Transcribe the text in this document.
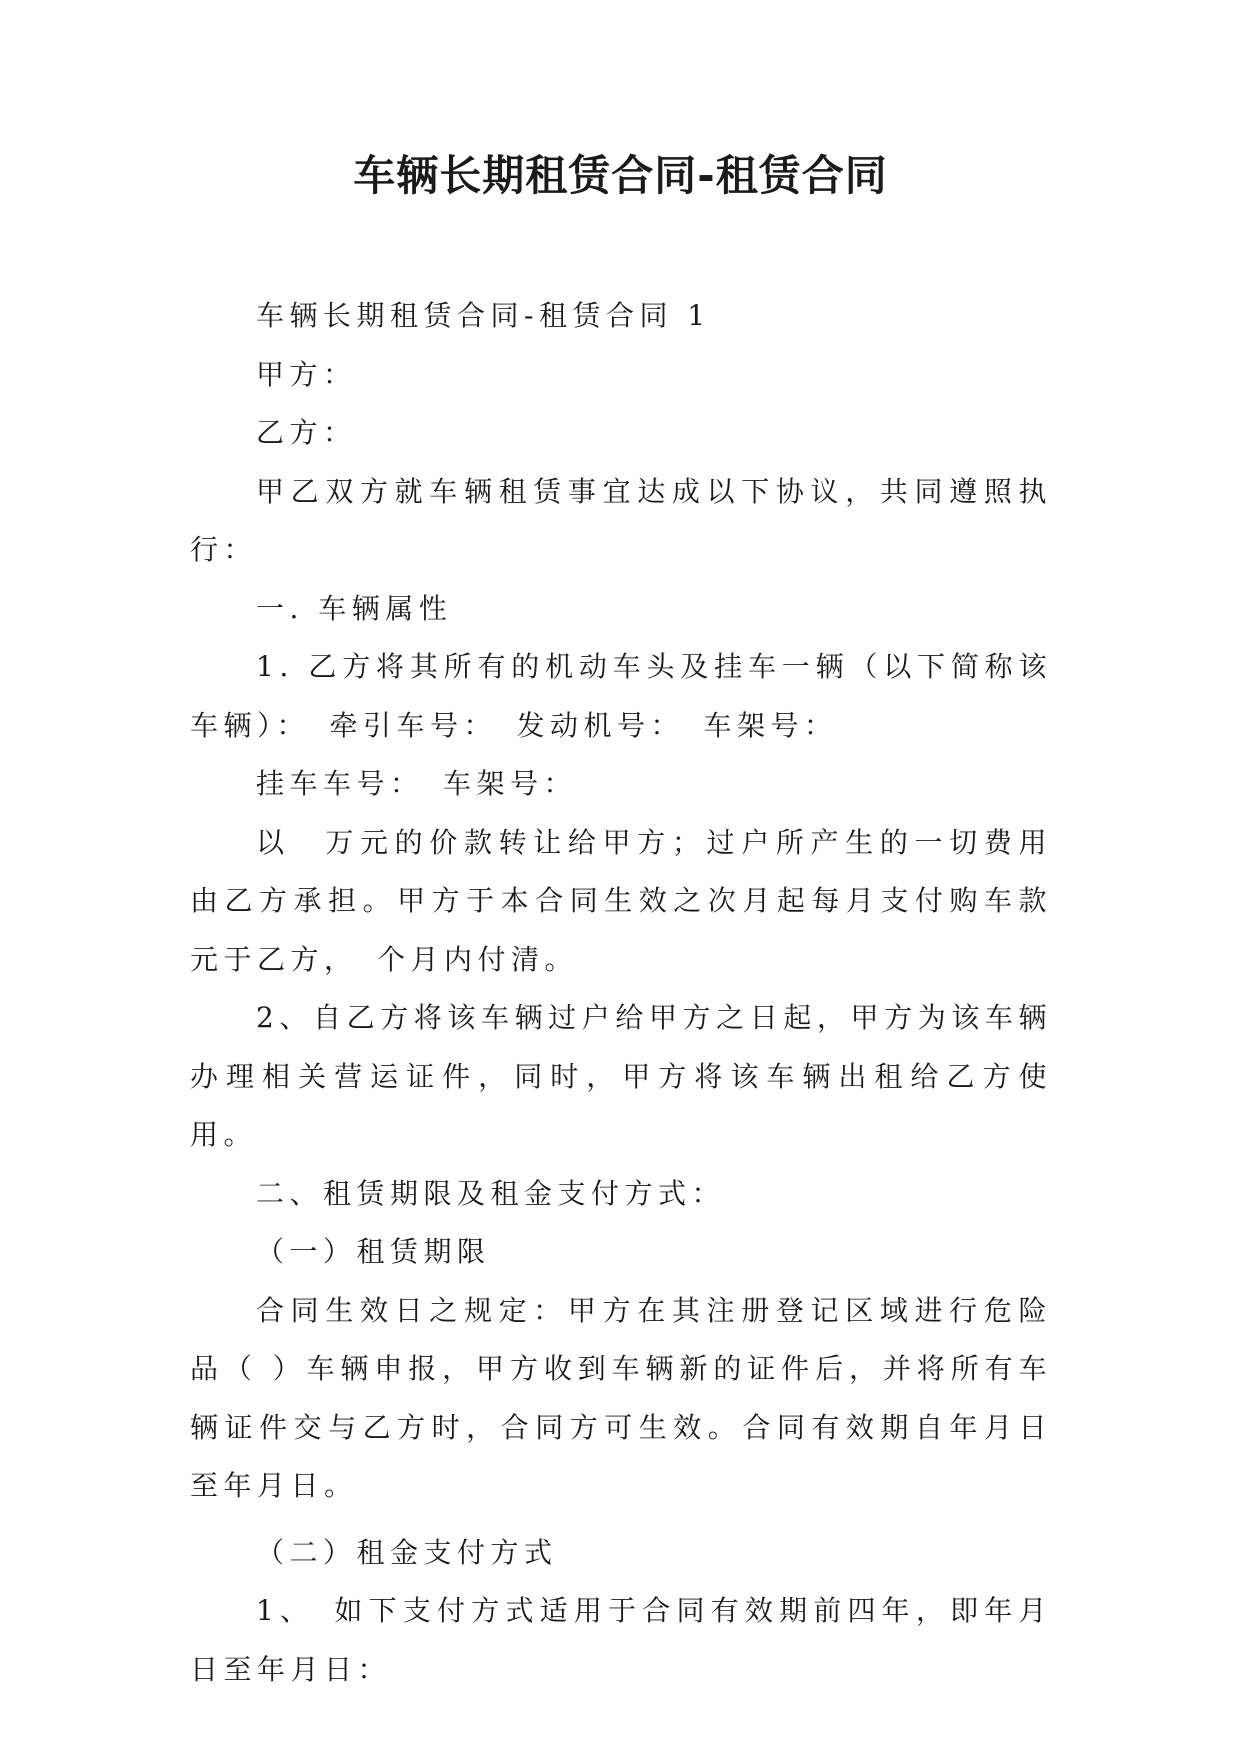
车辆长期租赁合同-租赁合同

车辆长期租赁合同-租赁合同 1

甲方：

乙方：

甲乙双方就车辆租赁事宜达成以下协议，共同遵照执行：

一. 车辆属性

1. 乙方将其所有的机动车头及挂车一辆（以下简称该车辆）：　牵引车号：　发动机号：　车架号：

挂车车号：　车架号：

以　万元的价款转让给甲方；过户所产生的一切费用由乙方承担。甲方于本合同生效之次月起每月支付购车款　元于乙方，　个月内付清。

2、自乙方将该车辆过户给甲方之日起，甲方为该车辆办理相关营运证件，同时，甲方将该车辆出租给乙方使用。

二、租赁期限及租金支付方式：

（一）租赁期限

合同生效日之规定：甲方在其注册登记区域进行危险品（ ）车辆申报，甲方收到车辆新的证件后，并将所有车辆证件交与乙方时，合同方可生效。合同有效期自年月日至年月日。

（二）租金支付方式

1、　如下支付方式适用于合同有效期前四年，即年月日至年月日：
